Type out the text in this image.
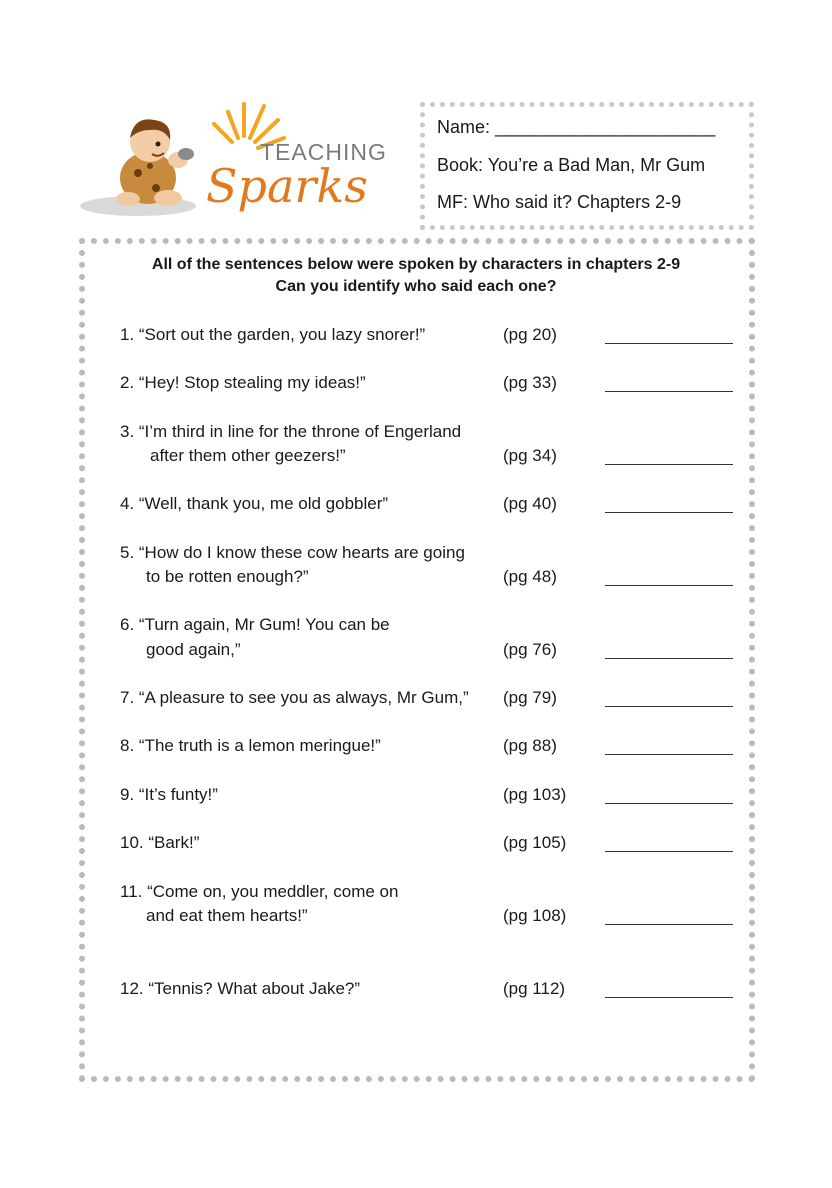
TEACHING
Sparks
Name: ______________________
Book: You’re a Bad Man, Mr Gum
MF: Who said it? Chapters 2-9
All of the sentences below were spoken by characters in chapters 2-9
Can you identify who said each one?
1. “Sort out the garden, you lazy snorer!”	(pg 20)
2. “Hey! Stop stealing my ideas!”	(pg 33)
3. “I’m third in line for the throne of Engerland
after them other geezers!”	(pg 34)
4. “Well, thank you, me old gobbler”	(pg 40)
5. “How do I know these cow hearts are going
to be rotten enough?”	(pg 48)
6. “Turn again, Mr Gum! You can be
good again,”	(pg 76)
7. “A pleasure to see you as always, Mr Gum,” (pg 79)
8. “The truth is a lemon meringue!”	(pg 88)
9. “It’s funty!”	(pg 103)
10. “Bark!”	(pg 105)
11. “Come on, you meddler, come on
and eat them hearts!”	(pg 108)
12. “Tennis? What about Jake?”	(pg 112)
